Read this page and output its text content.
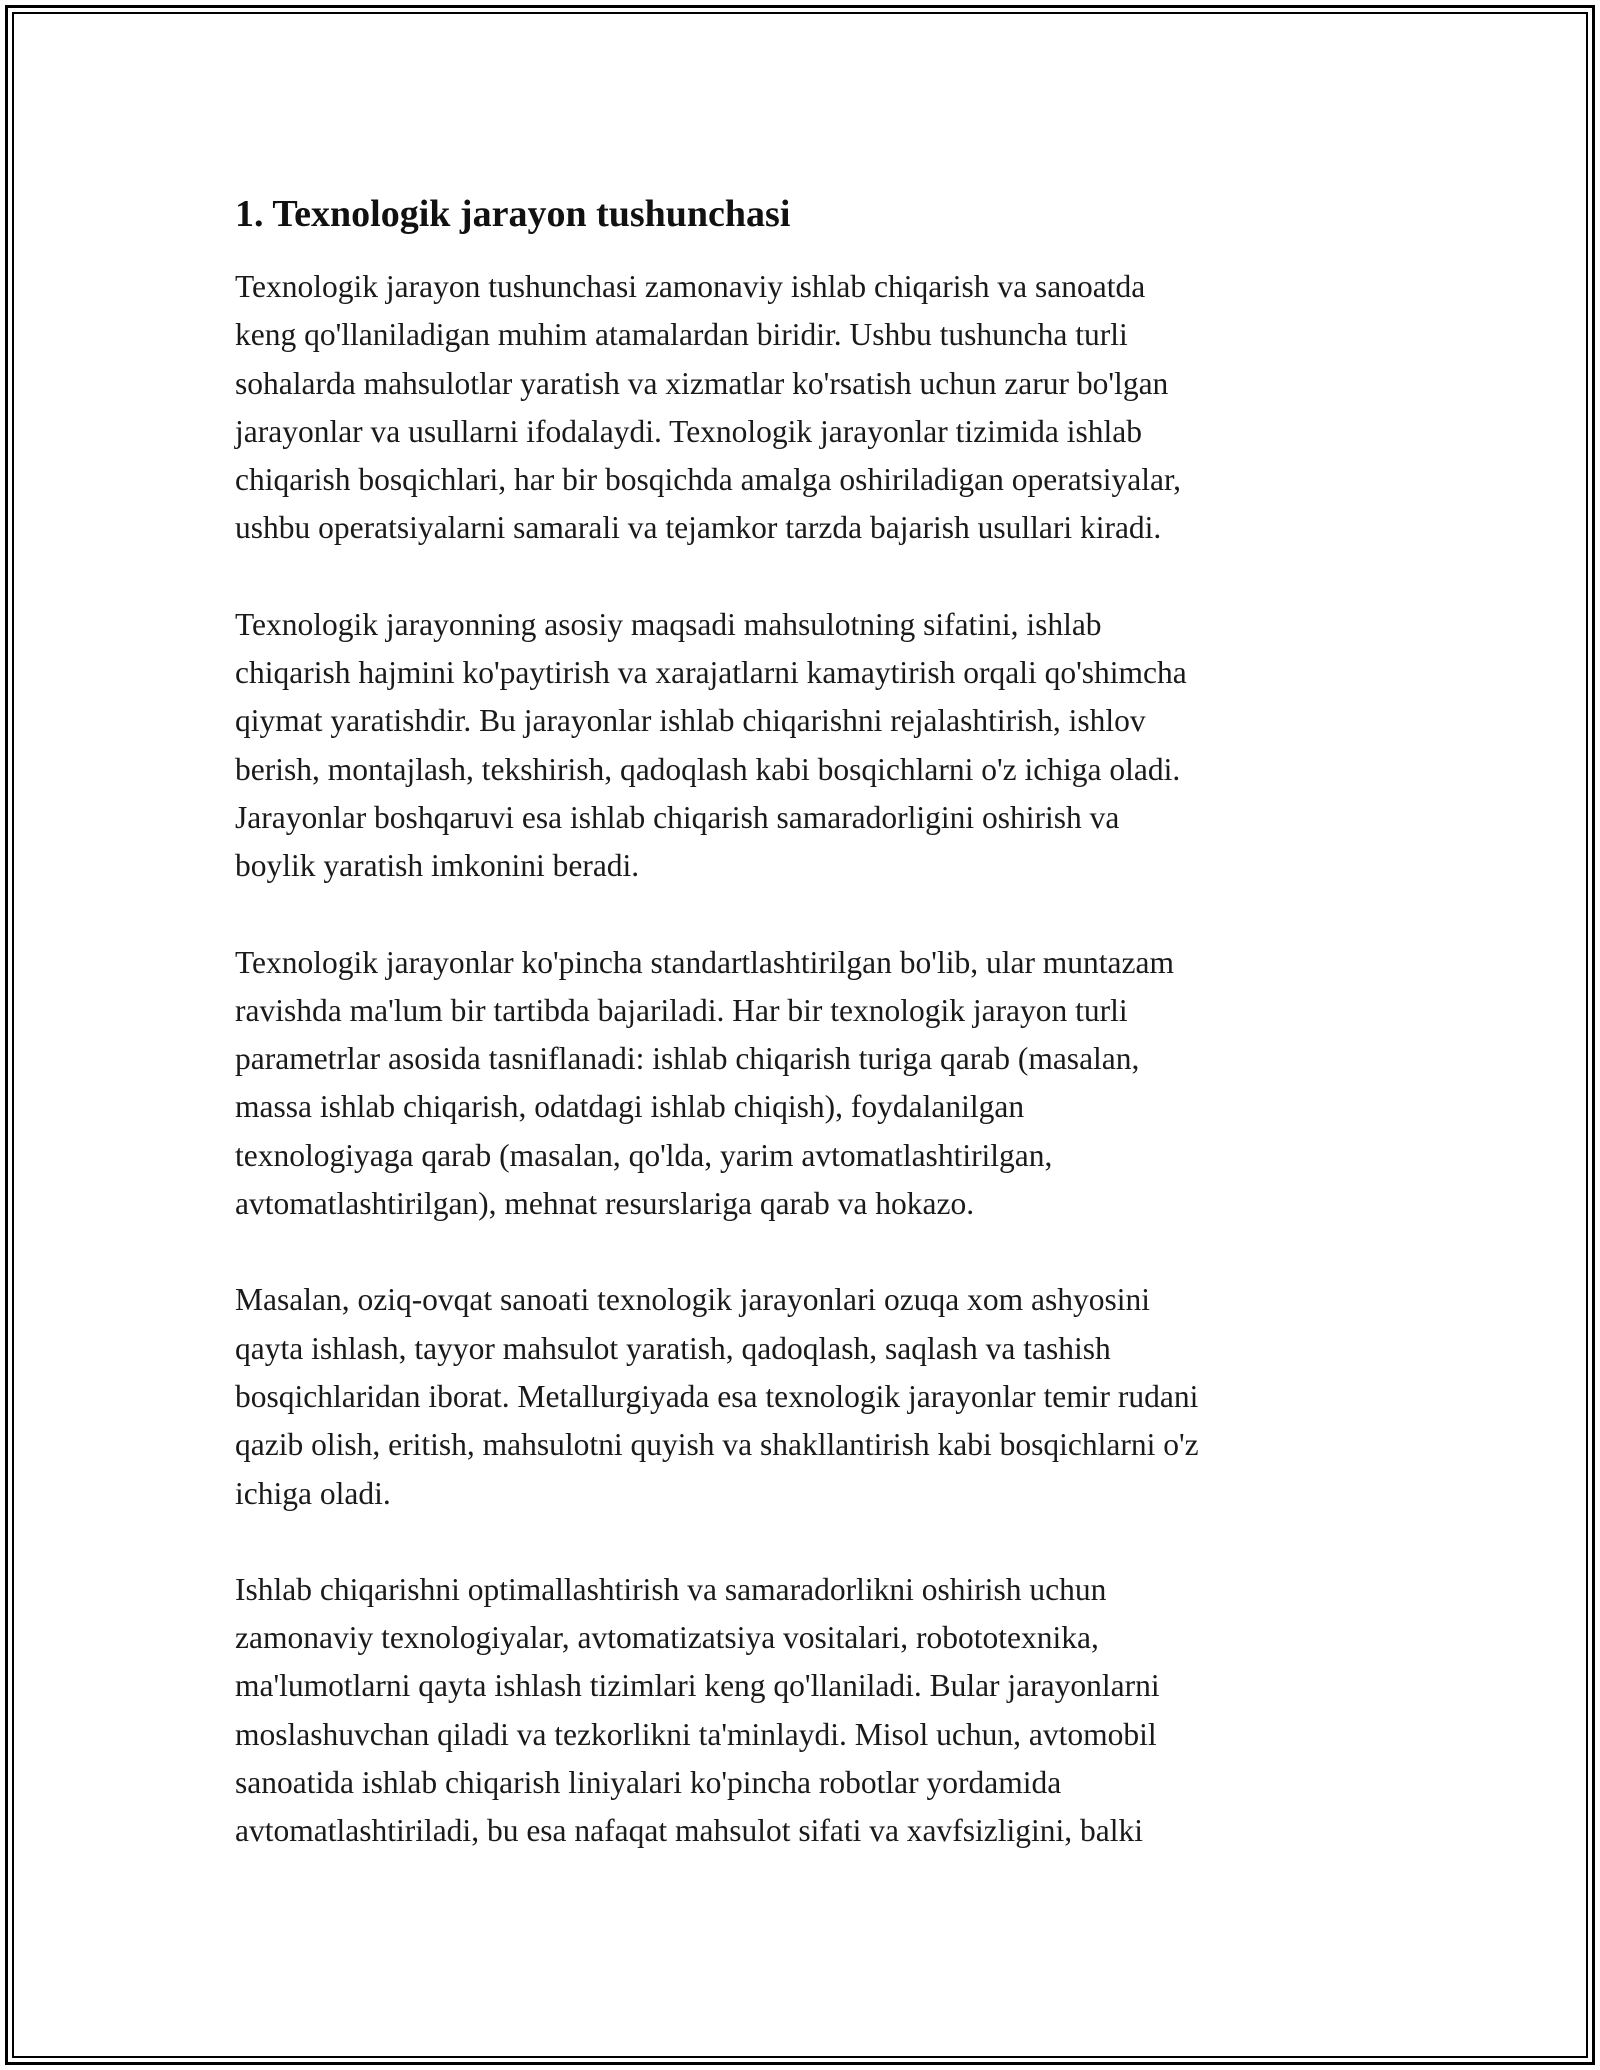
1. Texnologik jarayon tushunchasi

Texnologik jarayon tushunchasi zamonaviy ishlab chiqarish va sanoatda
keng qo'llaniladigan muhim atamalardan biridir. Ushbu tushuncha turli
sohalarda mahsulotlar yaratish va xizmatlar ko'rsatish uchun zarur bo'lgan
jarayonlar va usullarni ifodalaydi. Texnologik jarayonlar tizimida ishlab
chiqarish bosqichlari, har bir bosqichda amalga oshiriladigan operatsiyalar,
ushbu operatsiyalarni samarali va tejamkor tarzda bajarish usullari kiradi.

Texnologik jarayonning asosiy maqsadi mahsulotning sifatini, ishlab
chiqarish hajmini ko'paytirish va xarajatlarni kamaytirish orqali qo'shimcha
qiymat yaratishdir. Bu jarayonlar ishlab chiqarishni rejalashtirish, ishlov
berish, montajlash, tekshirish, qadoqlash kabi bosqichlarni o'z ichiga oladi.
Jarayonlar boshqaruvi esa ishlab chiqarish samaradorligini oshirish va
boylik yaratish imkonini beradi.

Texnologik jarayonlar ko'pincha standartlashtirilgan bo'lib, ular muntazam
ravishda ma'lum bir tartibda bajariladi. Har bir texnologik jarayon turli
parametrlar asosida tasniflanadi: ishlab chiqarish turiga qarab (masalan,
massa ishlab chiqarish, odatdagi ishlab chiqish), foydalanilgan
texnologiyaga qarab (masalan, qo'lda, yarim avtomatlashtirilgan,
avtomatlashtirilgan), mehnat resurslariga qarab va hokazo.

Masalan, oziq-ovqat sanoati texnologik jarayonlari ozuqa xom ashyosini
qayta ishlash, tayyor mahsulot yaratish, qadoqlash, saqlash va tashish
bosqichlaridan iborat. Metallurgiyada esa texnologik jarayonlar temir rudani
qazib olish, eritish, mahsulotni quyish va shakllantirish kabi bosqichlarni o'z
ichiga oladi.

Ishlab chiqarishni optimallashtirish va samaradorlikni oshirish uchun
zamonaviy texnologiyalar, avtomatizatsiya vositalari, robototexnika,
ma'lumotlarni qayta ishlash tizimlari keng qo'llaniladi. Bular jarayonlarni
moslashuvchan qiladi va tezkorlikni ta'minlaydi. Misol uchun, avtomobil
sanoatida ishlab chiqarish liniyalari ko'pincha robotlar yordamida
avtomatlashtiriladi, bu esa nafaqat mahsulot sifati va xavfsizligini, balki
